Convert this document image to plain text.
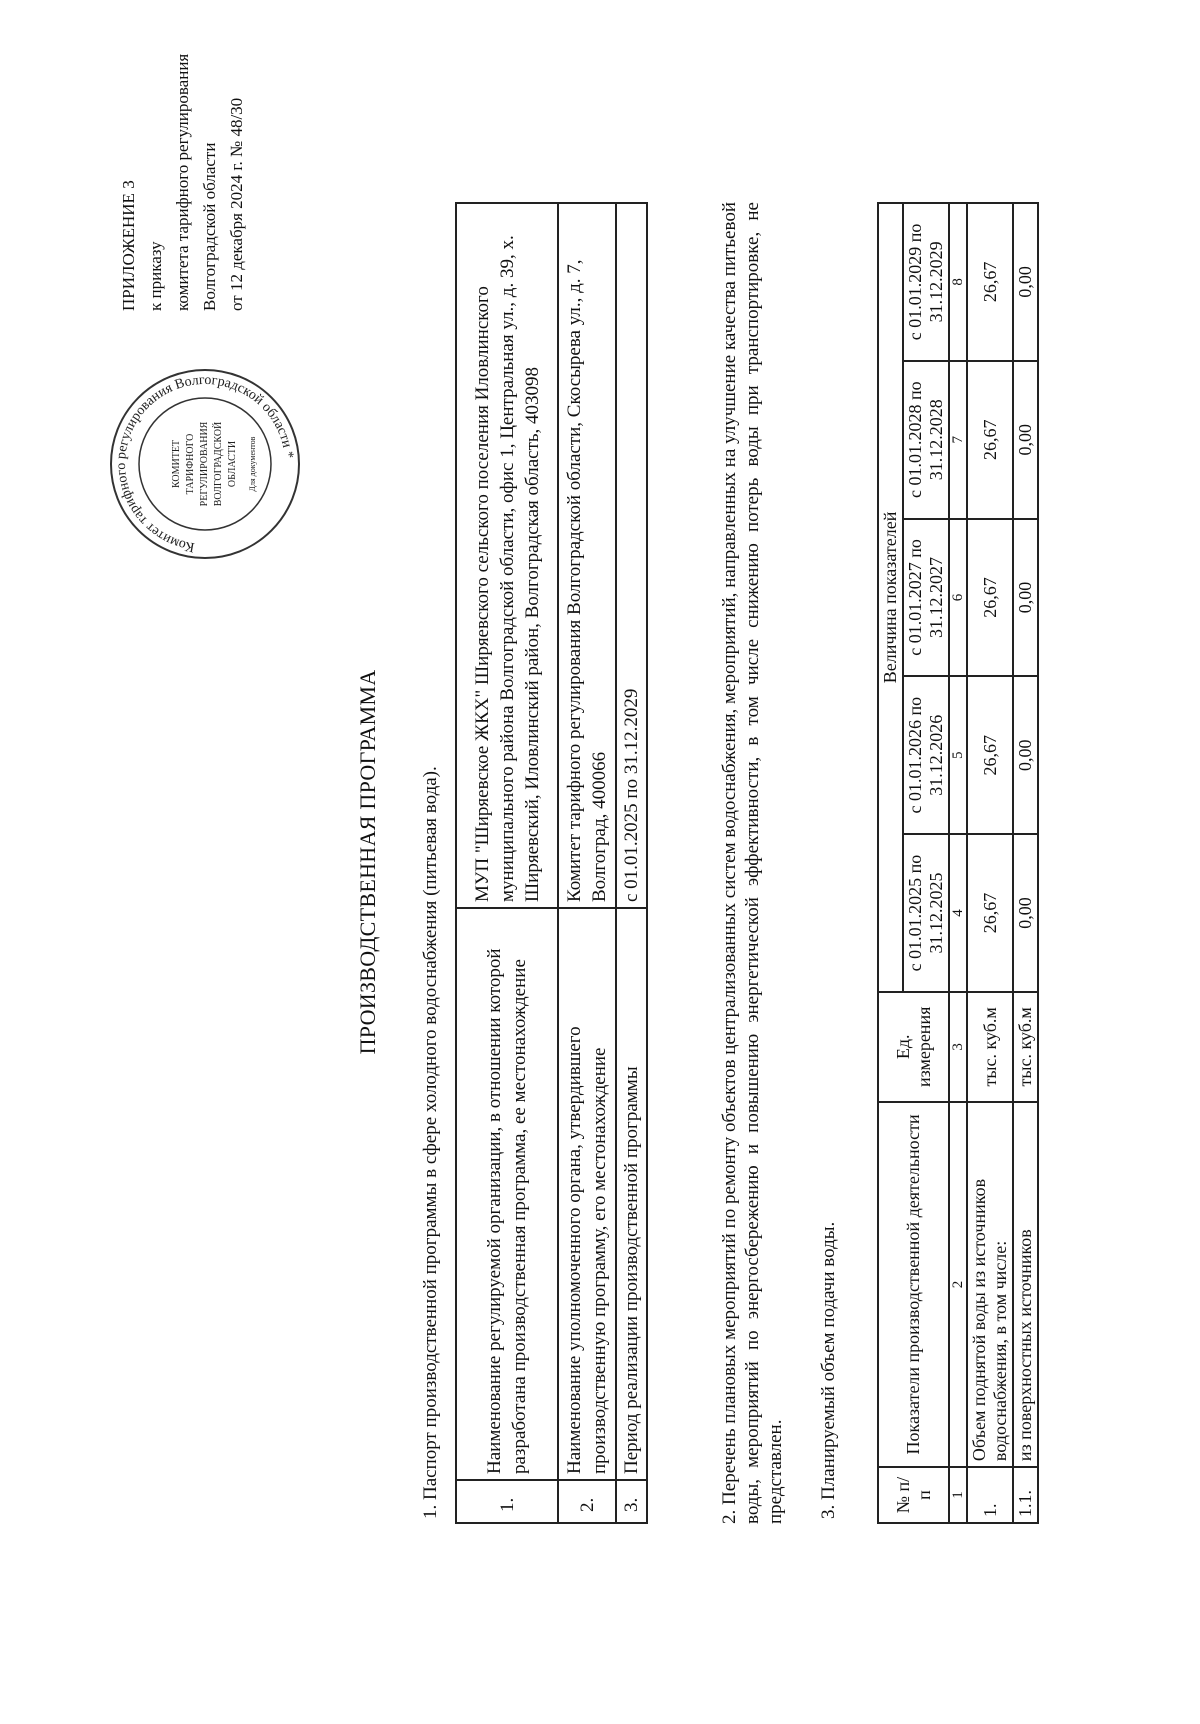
ПРИЛОЖЕНИЕ 3 к приказу комитета тарифного регулирования Волгоградской области от 12 декабря 2024 г. № 48/30
Комитет тарифного регулирования Волгоградской области *
КОМИТЕТ ТАРИФНОГО РЕГУЛИРОВАНИЯ ВОЛГОГРАДСКОЙ ОБЛАСТИ Для документов
ПРОИЗВОДСТВЕННАЯ ПРОГРАММА 1. Паспорт производственной программы в сфере холодного водоснабжения (питьевая вода).	1.	Наименование регулируемой организации, в отношении которой разработана производственная программа, ее местонахождение	МУП "Ширяевское ЖКХ" Ширяевского сельского поселения Иловлинского муниципального района Волгоградской области, офис 1, Центральная ул., д. 39, х. Ширяевский, Иловлинский район, Волгоградская область, 403098
2.	Наименование уполномоченного органа, утвердившего производственную программу, его местонахождение	Комитет тарифного регулирования Волгоградской области, Скосырева ул., д. 7, Волгоград, 400066
3.	Период реализации производственной программы	с 01.01.2025 по 31.12.2029	2. Перечень плановых мероприятий по ремонту объектов централизованных систем водоснабжения, мероприятий, направленных на улучшение качества питьевой воды, мероприятий по энергосбережению и повышению энергетической эффективности, в том числе снижению потерь воды при транспортировке, не представлен. 3. Планируемый объем подачи воды.	№ п/п	Показатели производственной деятельности	Ед. измерения	Величина показателей				
			с 01.01.2025 по 31.12.2025	с 01.01.2026 по 31.12.2026	с 01.01.2027 по 31.12.2027	с 01.01.2028 по 31.12.2028	с 01.01.2029 по 31.12.2029
1	2	3	4	5	6	7	8
1.	Объем поднятой воды из источников водоснабжения, в том числе:	тыс. куб.м	26,67	26,67	26,67	26,67	26,67
1.1.	из поверхностных источников	тыс. куб.м	0,00	0,00	0,00	0,00	0,00
